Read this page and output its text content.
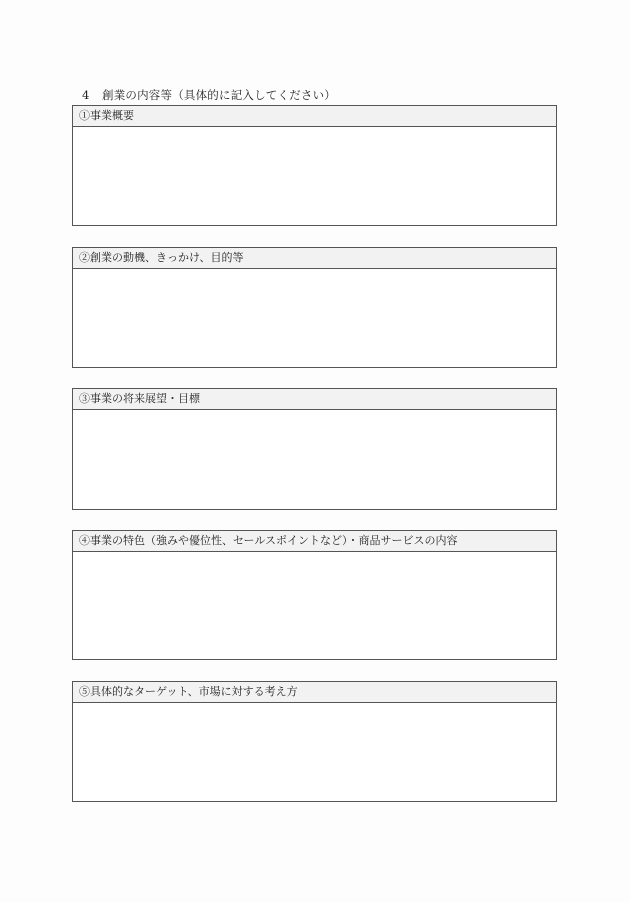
4 創業の内容等（具体的に記入してください）
①事業概要
②創業の動機、きっかけ、目的等
③事業の将来展望・目標
④事業の特色（強みや優位性、セールスポイントなど）・商品サービスの内容
⑤具体的なターゲット、市場に対する考え方
